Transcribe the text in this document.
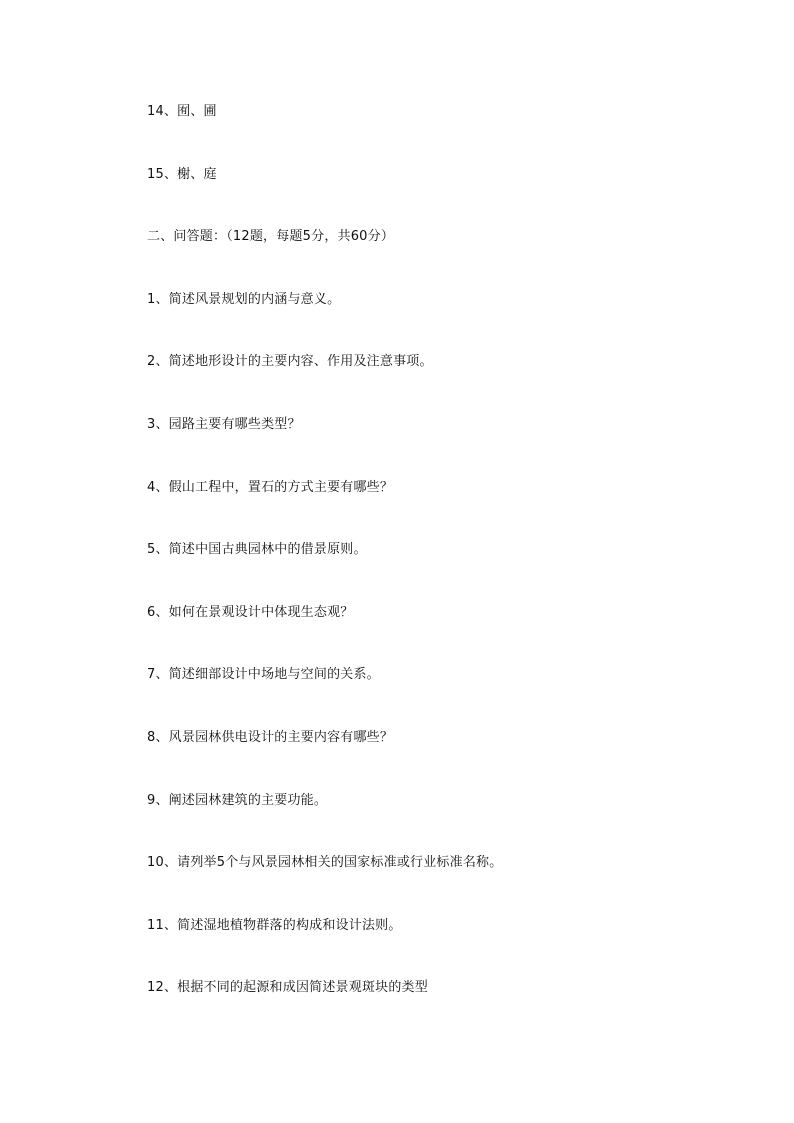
14、囿、圃
15、榭、庭
二、问答题：（12题，每题5分，共60分）
1、简述风景规划的内涵与意义。
2、简述地形设计的主要内容、作用及注意事项。
3、园路主要有哪些类型？
4、假山工程中，置石的方式主要有哪些？
5、简述中国古典园林中的借景原则。
6、如何在景观设计中体现生态观？
7、简述细部设计中场地与空间的关系。
8、风景园林供电设计的主要内容有哪些？
9、阐述园林建筑的主要功能。
10、请列举5个与风景园林相关的国家标准或行业标准名称。
11、简述湿地植物群落的构成和设计法则。
12、根据不同的起源和成因简述景观斑块的类型
